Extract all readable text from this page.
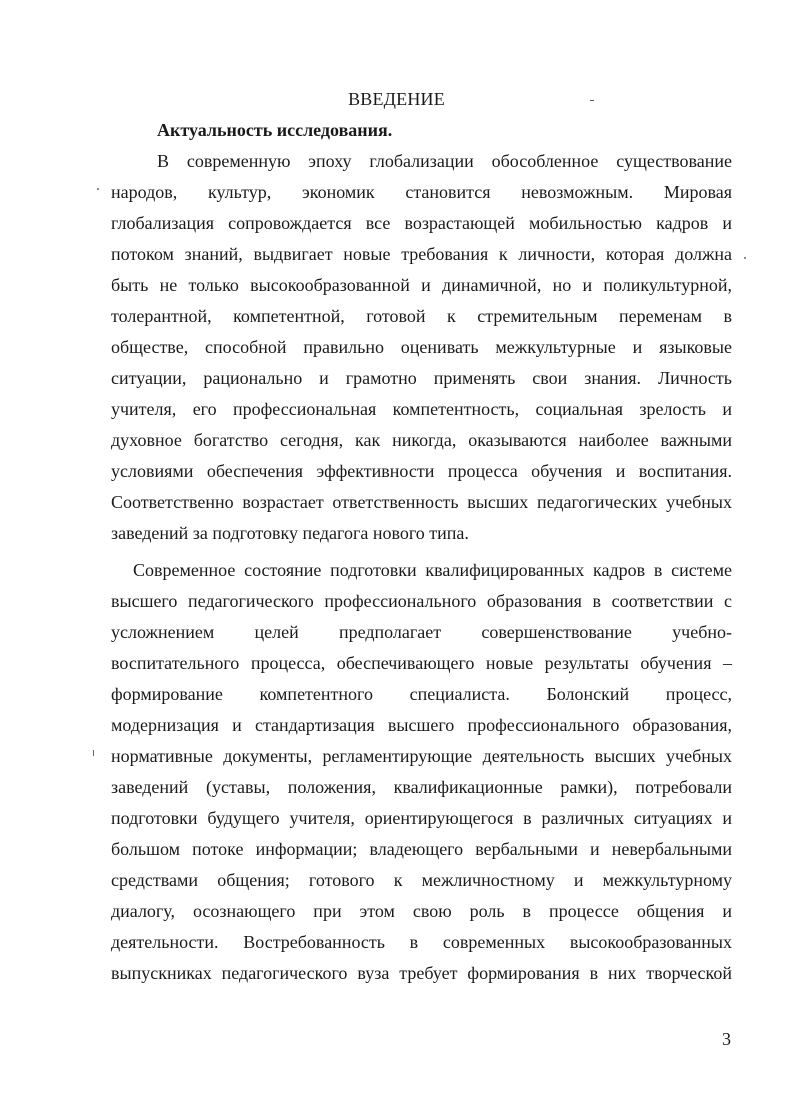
ВВЕДЕНИЕ
Актуальность исследования.
В современную эпоху глобализации обособленное существование
народов, культур, экономик становится невозможным. Мировая
глобализация сопровождается все возрастающей мобильностью кадров и
потоком знаний, выдвигает новые требования к личности, которая должна
быть не только высокообразованной и динамичной, но и поликультурной,
толерантной, компетентной, готовой к стремительным переменам в
обществе, способной правильно оценивать межкультурные и языковые
ситуации, рационально и грамотно применять свои знания. Личность
учителя, его профессиональная компетентность, социальная зрелость и
духовное богатство сегодня, как никогда, оказываются наиболее важными
условиями обеспечения эффективности процесса обучения и воспитания.
Соответственно возрастает ответственность высших педагогических учебных
заведений за подготовку педагога нового типа.
Современное состояние подготовки квалифицированных кадров в системе
высшего педагогического профессионального образования в соответствии с
усложнением целей предполагает совершенствование учебно-
воспитательного процесса, обеспечивающего новые результаты обучения –
формирование компетентного специалиста. Болонский процесс,
модернизация и стандартизация высшего профессионального образования,
нормативные документы, регламентирующие деятельность высших учебных
заведений (уставы, положения, квалификационные рамки), потребовали
подготовки будущего учителя, ориентирующегося в различных ситуациях и
большом потоке информации; владеющего вербальными и невербальными
средствами общения; готового к межличностному и межкультурному
диалогу, осознающего при этом свою роль в процессе общения и
деятельности. Востребованность в современных высокообразованных
выпускниках педагогического вуза требует формирования в них творческой
3
